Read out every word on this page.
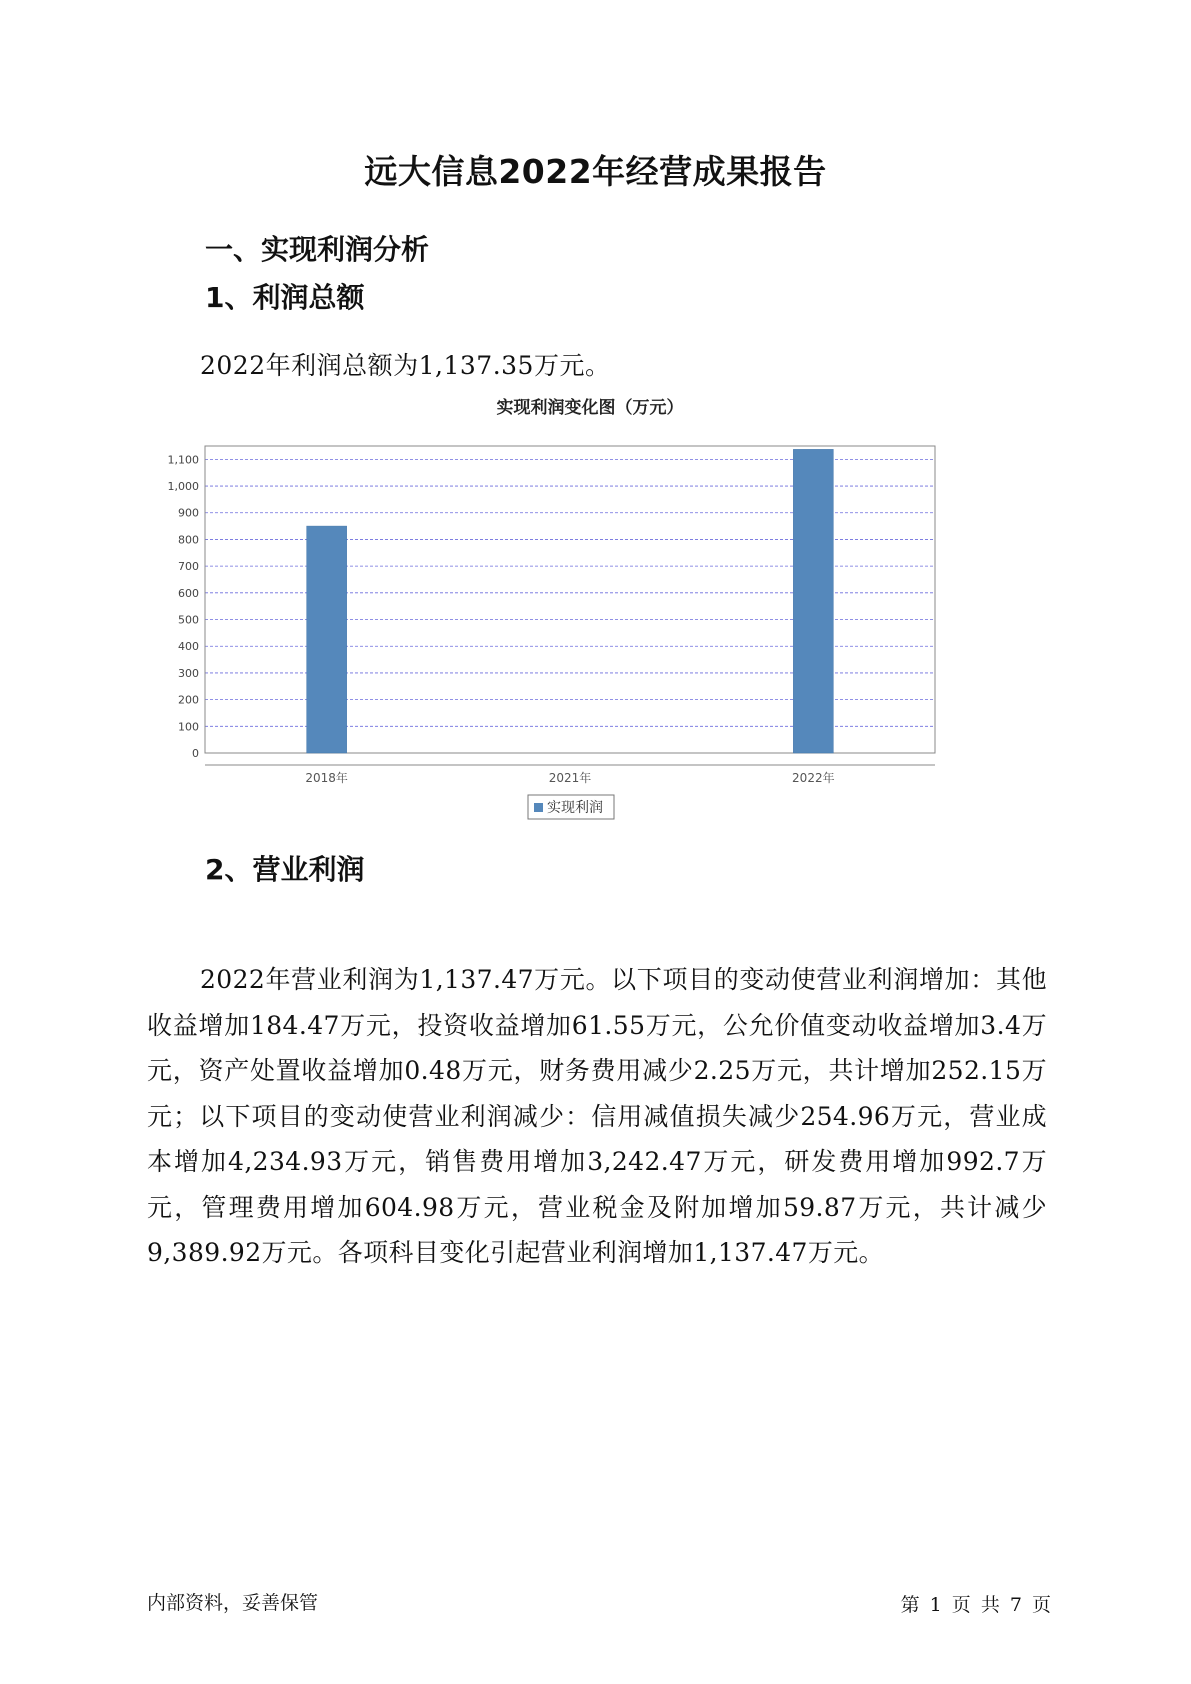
远大信息2022年经营成果报告
一、实现利润分析
1、利润总额
2022年利润总额为1,137.35万元。
实现利润变化图（万元）
0
100
200
300
400
500
600
700
800
900
1,000
1,100
2018年	2021年	2022年
实现利润
2、营业利润
2022年营业利润为1,137.47万元。以下项目的变动使营业利润增加：其他收益增加184.47万元，投资收益增加61.55万元，公允价值变动收益增加3.4万元，资产处置收益增加0.48万元，财务费用减少2.25万元，共计增加252.15万元；以下项目的变动使营业利润减少：信用减值损失减少254.96万元，营业成本增加4,234.93万元，销售费用增加3,242.47万元，研发费用增加992.7万元，管理费用增加604.98万元，营业税金及附加增加59.87万元，共计减少9,389.92万元。各项科目变化引起营业利润增加1,137.47万元。
内部资料，妥善保管	第 1 页 共 7 页
